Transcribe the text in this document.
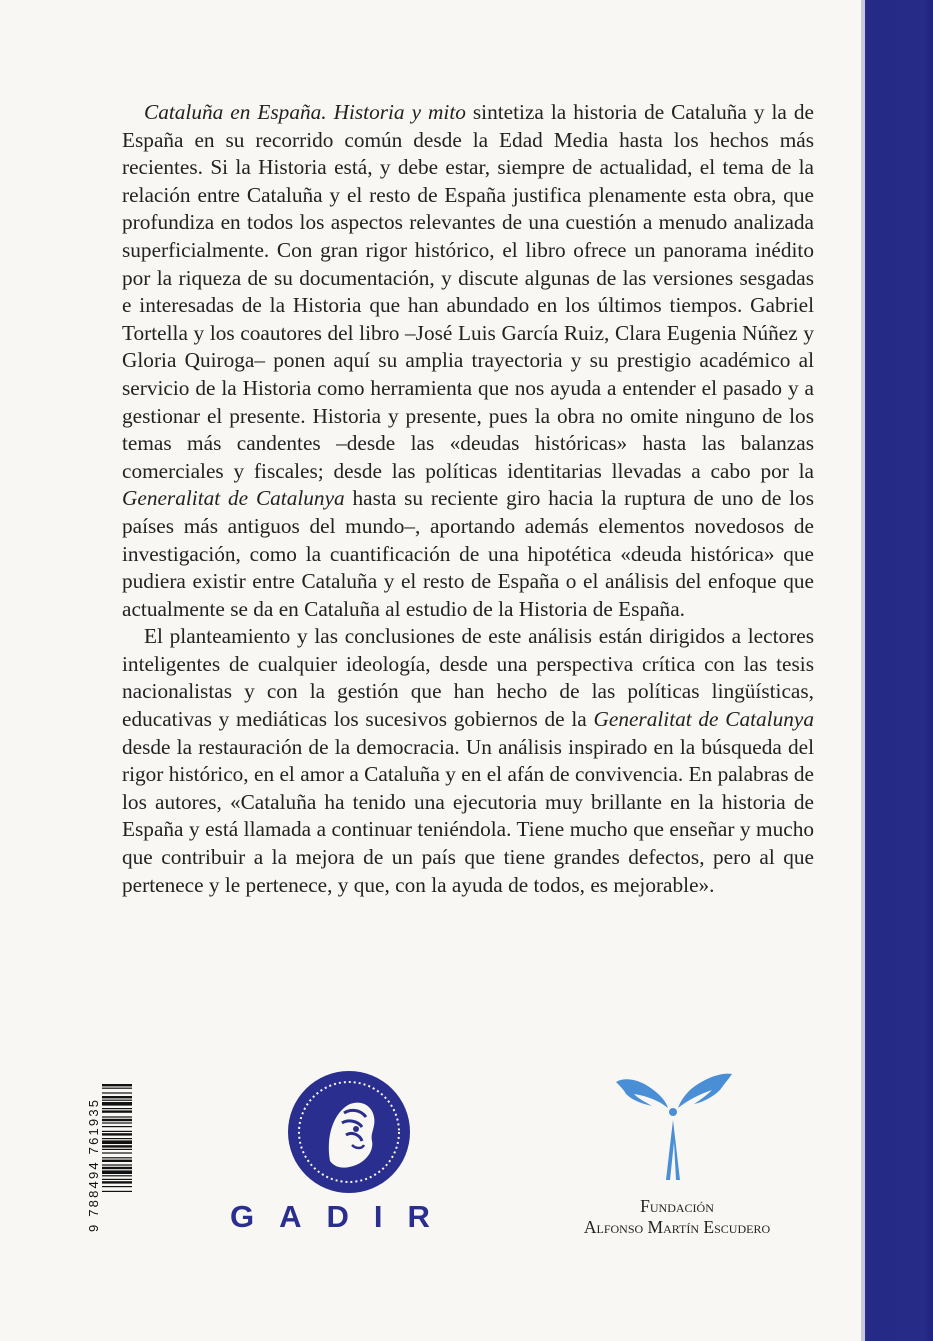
Cataluña en España. Historia y mito sintetiza la historia de Cataluña y la de España en su recorrido común desde la Edad Media hasta los hechos más recientes. Si la Historia está, y debe estar, siempre de actualidad, el tema de la relación entre Cataluña y el resto de España justifica plenamente esta obra, que profundiza en todos los aspectos relevantes de una cuestión a menudo analizada superficialmente. Con gran rigor histórico, el libro ofrece un panorama inédito por la riqueza de su documentación, y discute algunas de las versiones sesgadas e interesadas de la Historia que han abundado en los últimos tiempos. Gabriel Tortella y los coautores del libro –José Luis García Ruiz, Clara Eugenia Núñez y Gloria Quiroga– ponen aquí su amplia trayectoria y su prestigio académico al servicio de la Historia como herramienta que nos ayuda a entender el pasado y a gestionar el presente. Historia y presente, pues la obra no omite ninguno de los temas más candentes –desde las «deudas históricas» hasta las balanzas comerciales y fiscales; desde las políticas identitarias llevadas a cabo por la Generalitat de Catalunya hasta su reciente giro hacia la ruptura de uno de los países más antiguos del mundo–, aportando además elementos novedosos de investigación, como la cuantificación de una hipotética «deuda histórica» que pudiera existir entre Cataluña y el resto de España o el análisis del enfoque que actualmente se da en Cataluña al estudio de la Historia de España.

El planteamiento y las conclusiones de este análisis están dirigidos a lectores inteligentes de cualquier ideología, desde una perspectiva crítica con las tesis nacionalistas y con la gestión que han hecho de las políticas lingüísticas, educativas y mediáticas los sucesivos gobiernos de la Generalitat de Catalunya desde la restauración de la democracia. Un análisis inspirado en la búsqueda del rigor histórico, en el amor a Cataluña y en el afán de convivencia. En palabras de los autores, «Cataluña ha tenido una ejecutoria muy brillante en la historia de España y está llamada a continuar teniéndola. Tiene mucho que enseñar y mucho que contribuir a la mejora de un país que tiene grandes defectos, pero al que pertenece y le pertenece, y que, con la ayuda de todos, es mejorable».

9 788494 761935	GADIR	Fundación
Alfonso Martín Escudero
